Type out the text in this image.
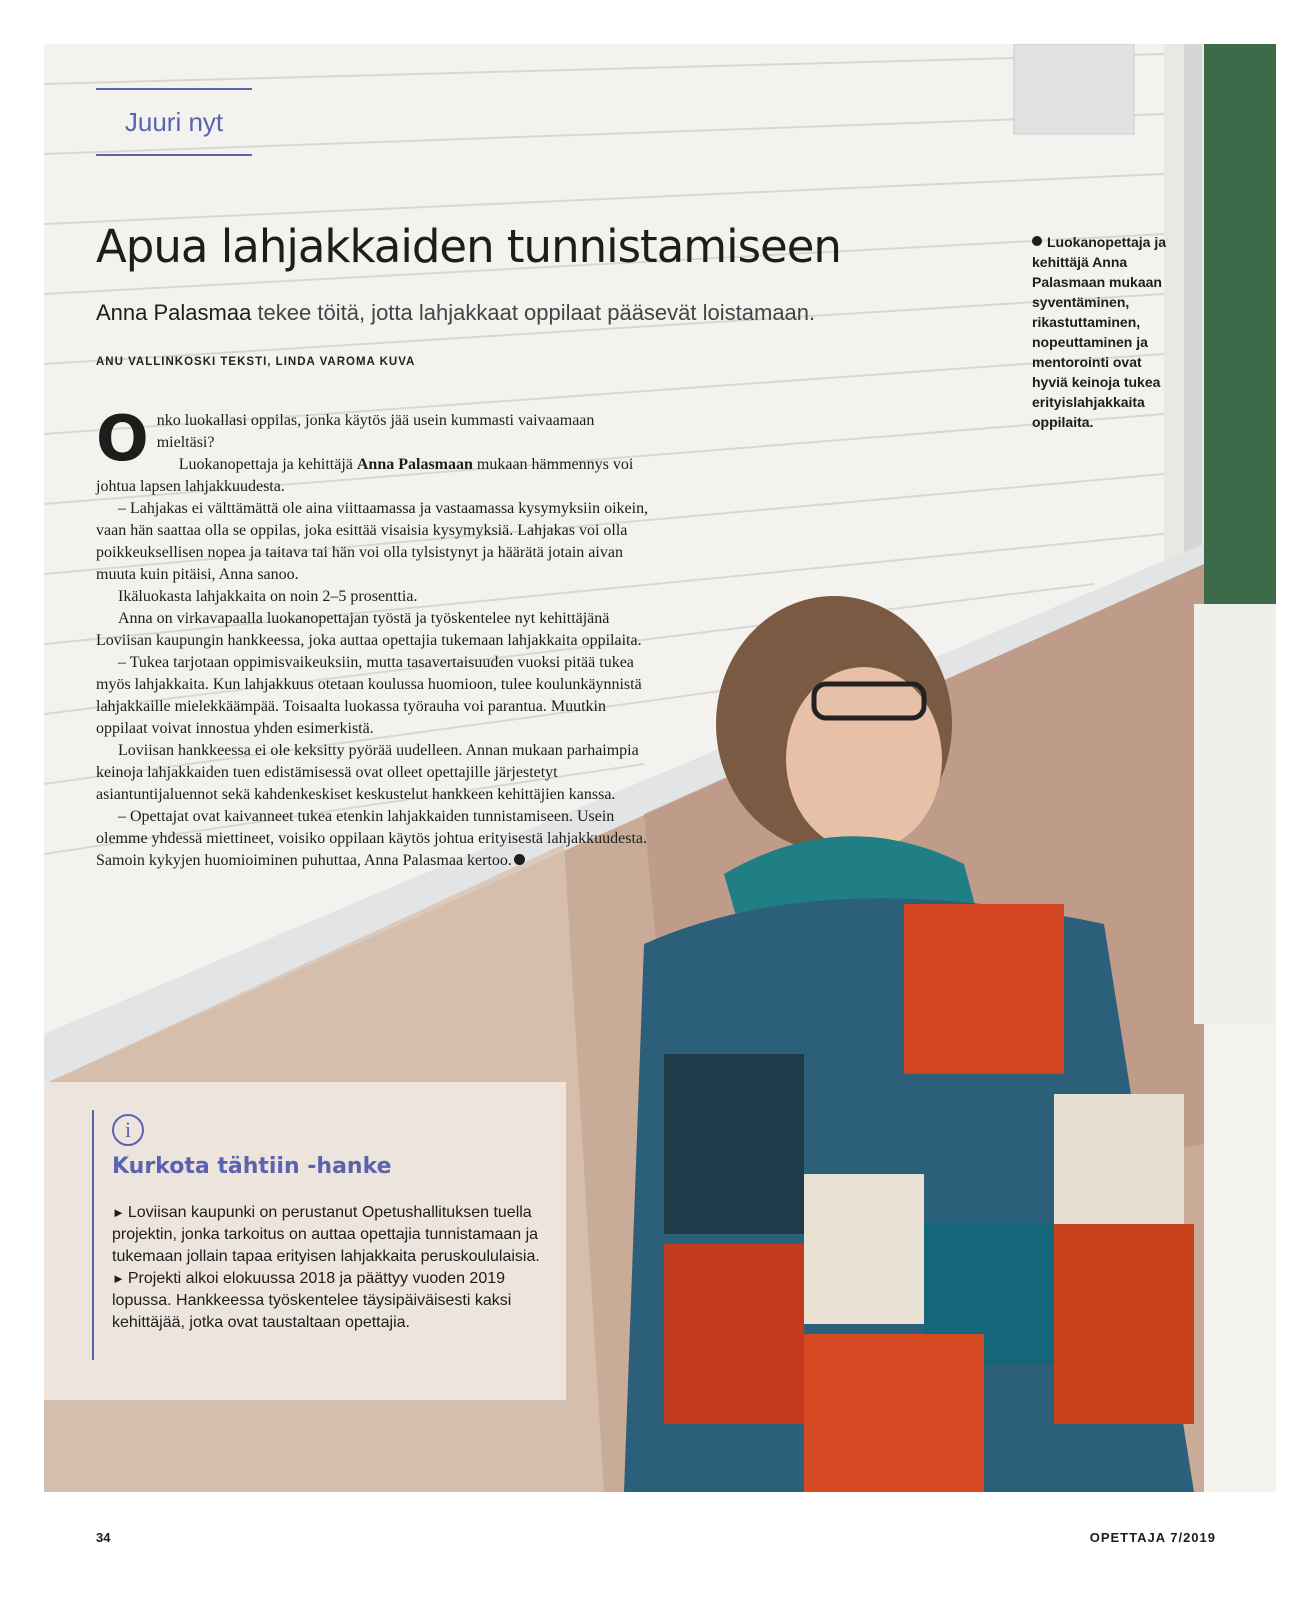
Juuri nyt
Apua lahjakkaiden tunnistamiseen
Anna Palasmaa tekee töitä, jotta lahjakkaat oppilaat pääsevät loistamaan.
ANU VALLINKOSKI TEKSTI, LINDA VAROMA KUVA

Onko luokallasi oppilas, jonka käytös jää usein kummasti vaivaamaan mieltäsi?

Luokanopettaja ja kehittäjä Anna Palasmaan mukaan hämmennys voi johtua lapsen lahjakkuudesta.

– Lahjakas ei välttämättä ole aina viittaamassa ja vastaamassa kysymyksiin oikein, vaan hän saattaa olla se oppilas, joka esittää visaisia kysymyksiä. Lahjakas voi olla poikkeuksellisen nopea ja taitava tai hän voi olla tylsistynyt ja häärätä jotain aivan muuta kuin pitäisi, Anna sanoo.

Ikäluokasta lahjakkaita on noin 2–5 prosenttia.

Anna on virkavapaalla luokanopettajan työstä ja työskentelee nyt kehittäjänä Loviisan kaupungin hankkeessa, joka auttaa opettajia tukemaan lahjakkaita oppilaita.

– Tukea tarjotaan oppimisvaikeuksiin, mutta tasavertaisuuden vuoksi pitää tukea myös lahjakkaita. Kun lahjakkuus otetaan koulussa huomioon, tulee koulunkäynnistä lahjakkaille mielekkäämpää. Toisaalta luokassa työrauha voi parantua. Muutkin oppilaat voivat innostua yhden esimerkistä.

Loviisan hankkeessa ei ole keksitty pyörää uudelleen. Annan mukaan parhaimpia keinoja lahjakkaiden tuen edistämisessä ovat olleet opettajille järjestetyt asiantuntijaluennot sekä kahdenkeskiset keskustelut hankkeen kehittäjien kanssa.

– Opettajat ovat kaivanneet tukea etenkin lahjakkaiden tunnistamiseen. Usein olemme yhdessä miettineet, voisiko oppilaan käytös johtua erityisestä lahjakkuudesta. Samoin kykyjen huomioiminen puhuttaa, Anna Palasmaa kertoo.

Luokanopettaja ja kehittäjä Anna Palasmaan mukaan syventäminen, rikastuttaminen, nopeuttaminen ja mentorointi ovat hyviä keinoja tukea erityislahjakkaita oppilaita.
i
Kurkota tähtiin -hanke

► Loviisan kaupunki on perustanut Opetushallituksen tuella projektin, jonka tarkoitus on auttaa opettajia tunnistamaan ja tukemaan jollain tapaa erityisen lahjakkaita peruskoululaisia.

► Projekti alkoi elokuussa 2018 ja päättyy vuoden 2019 lopussa. Hankkeessa työskentelee täysipäiväisesti kaksi kehittäjää, jotka ovat taustaltaan opettajia.

34	OPETTAJA 7/2019
